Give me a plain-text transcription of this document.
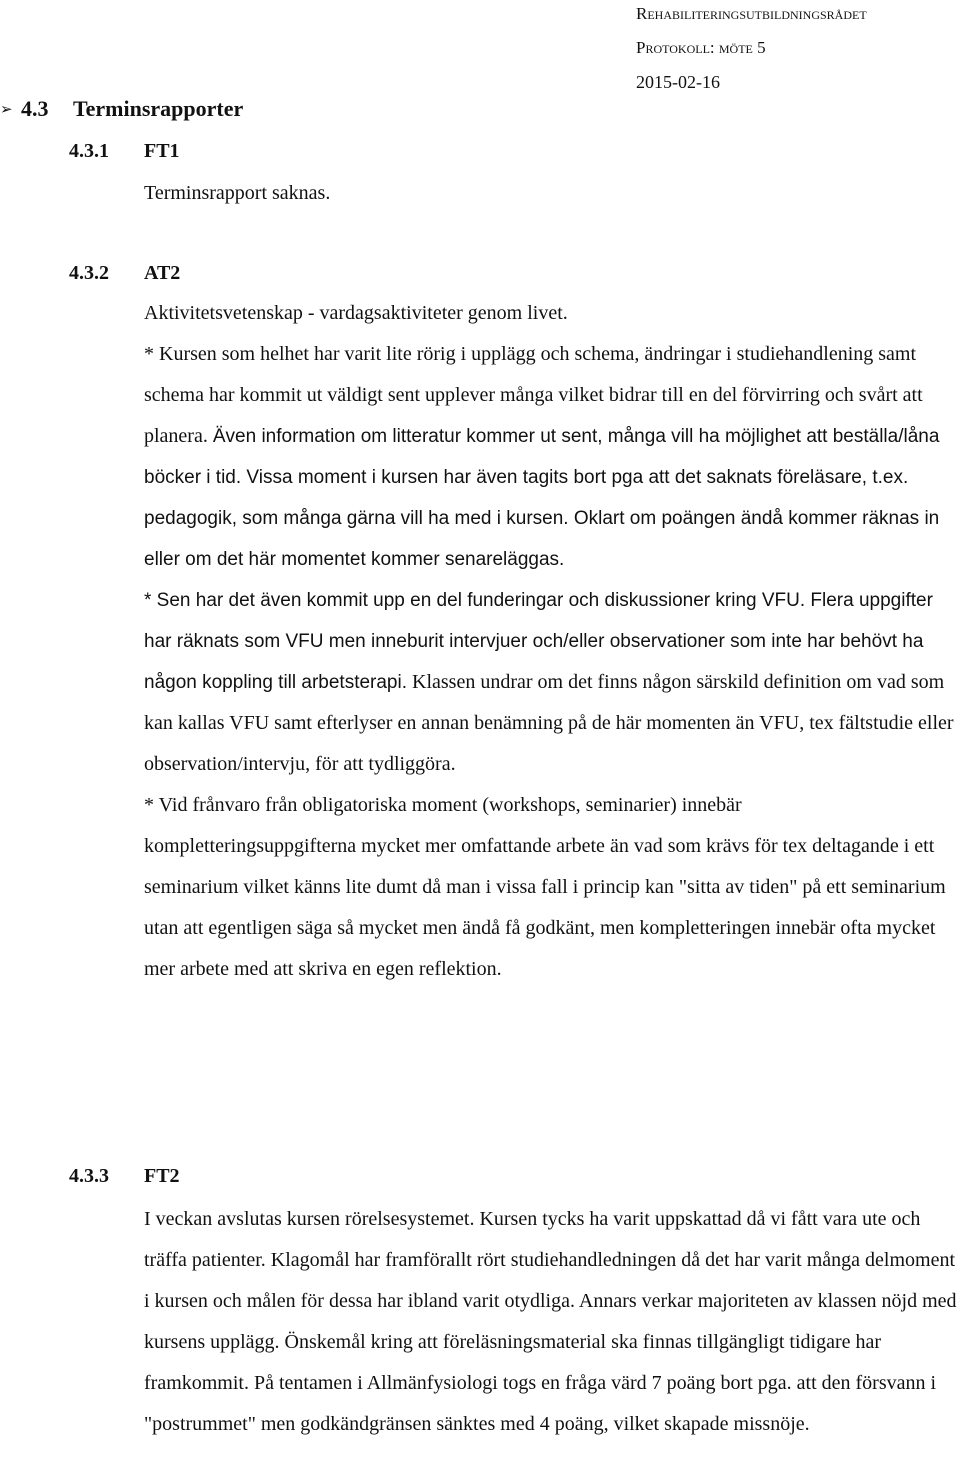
Rehabiliteringsutbildningsrådet
Protokoll: möte 5
2015-02-16
➢ 4.3 Terminsrapporter
4.3.1 FT1

Terminsrapport saknas.

4.3.2 AT2

Aktivitetsvetenskap - vardagsaktiviteter genom livet.

* Kursen som helhet har varit lite rörig i upplägg och schema, ändringar i studiehandlening samt schema har kommit ut väldigt sent upplever många vilket bidrar till en del förvirring och svårt att planera. Även information om litteratur kommer ut sent, många vill ha möjlighet att beställa/låna böcker i tid. Vissa moment i kursen har även tagits bort pga att det saknats föreläsare, t.ex. pedagogik, som många gärna vill ha med i kursen. Oklart om poängen ändå kommer räknas in eller om det här momentet kommer senareläggas.

* Sen har det även kommit upp en del funderingar och diskussioner kring VFU. Flera uppgifter har räknats som VFU men inneburit intervjuer och/eller observationer som inte har behövt ha någon koppling till arbetsterapi. Klassen undrar om det finns någon särskild definition om vad som kan kallas VFU samt efterlyser en annan benämning på de här momenten än VFU, tex fältstudie eller observation/intervju, för att tydliggöra.

* Vid frånvaro från obligatoriska moment (workshops, seminarier) innebär kompletteringsuppgifterna mycket mer omfattande arbete än vad som krävs för tex deltagande i ett seminarium vilket känns lite dumt då man i vissa fall i princip kan "sitta av tiden" på ett seminarium utan att egentligen säga så mycket men ändå få godkänt, men kompletteringen innebär ofta mycket mer arbete med att skriva en egen reflektion.

4.3.3 FT2

I veckan avslutas kursen rörelsesystemet. Kursen tycks ha varit uppskattad då vi fått vara ute och träffa patienter. Klagomål har framförallt rört studiehandledningen då det har varit många delmoment i kursen och målen för dessa har ibland varit otydliga. Annars verkar majoriteten av klassen nöjd med kursens upplägg. Önskemål kring att föreläsningsmaterial ska finnas tillgängligt tidigare har framkommit. På tentamen i Allmänfysiologi togs en fråga värd 7 poäng bort pga. att den försvann i "postrummet" men godkändgränsen sänktes med 4 poäng, vilket skapade missnöje.
